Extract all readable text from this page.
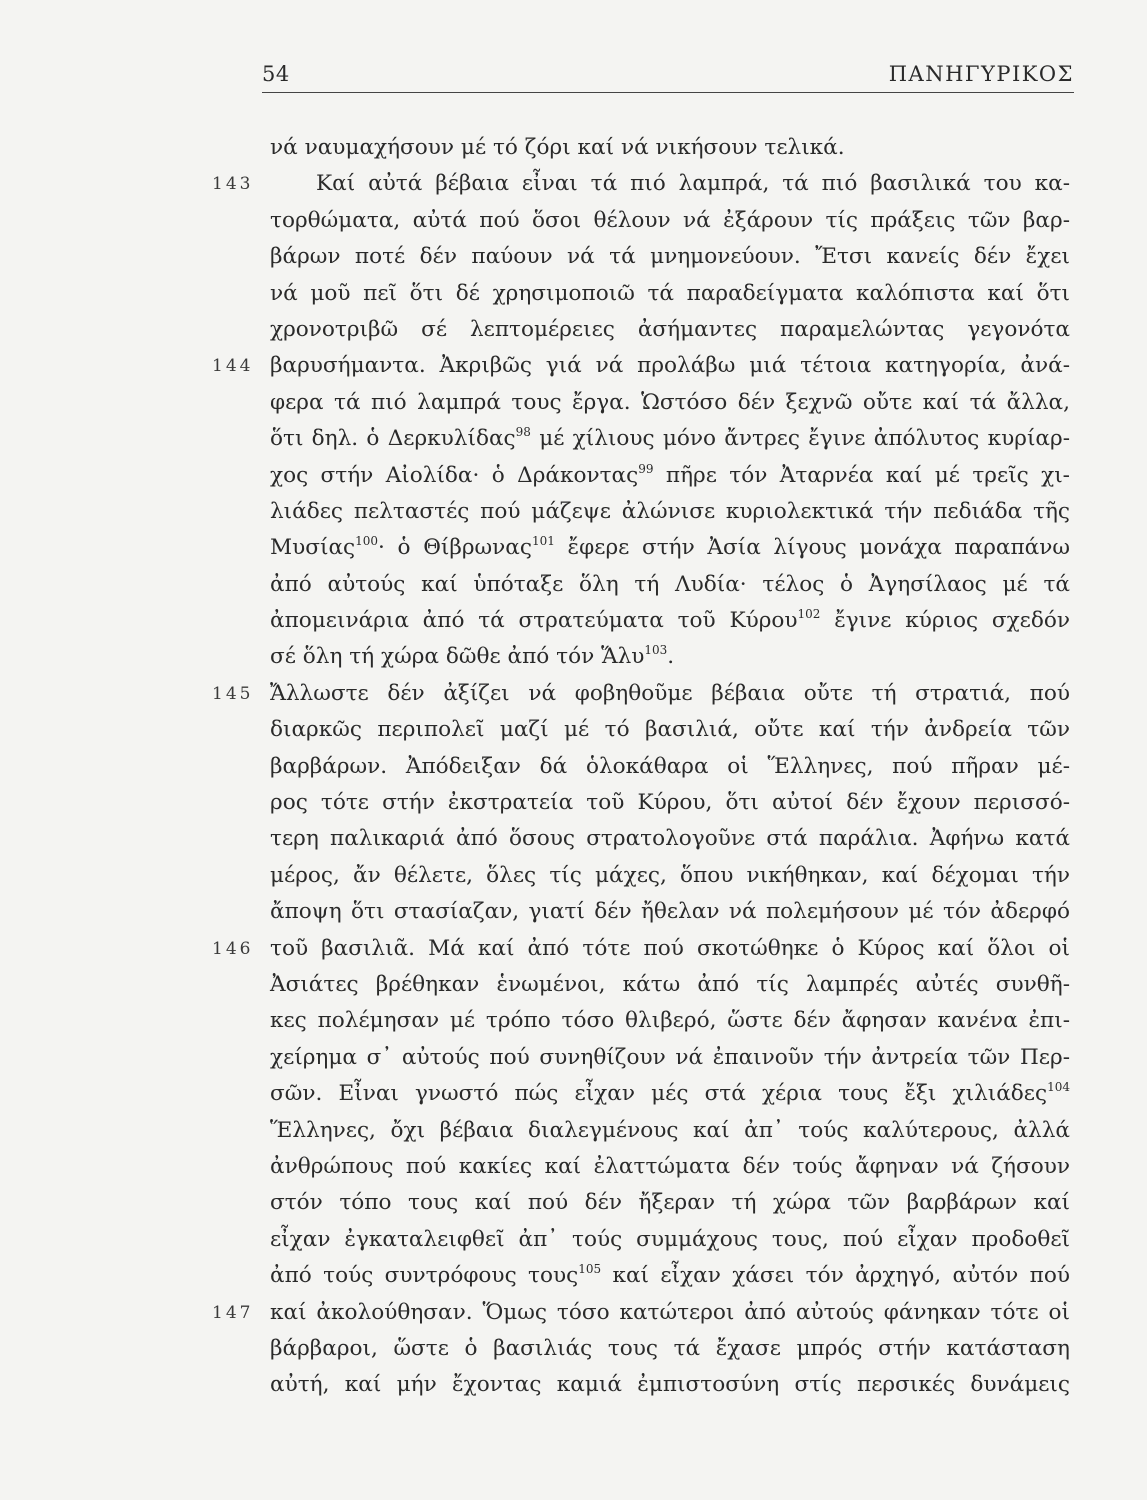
54	ΠΑΝΗΓΥΡΙΚΟΣ
νά ναυμαχήσουν μέ τό ζόρι καί νά νικήσουν τελικά.
143	Καί αὐτά βέβαια εἶναι τά πιό λαμπρά, τά πιό βασιλικά του κα-
τορθώματα, αὐτά πού ὅσοι θέλουν νά ἐξάρουν τίς πράξεις τῶν βαρ-
βάρων ποτέ δέν παύουν νά τά μνημονεύουν. Ἔτσι κανείς δέν ἔχει
νά μοῦ πεῖ ὅτι δέ χρησιμοποιῶ τά παραδείγματα καλόπιστα καί ὅτι
χρονοτριβῶ σέ λεπτομέρειες ἀσήμαντες παραμελώντας γεγονότα
144 βαρυσήμαντα. Ἀκριβῶς γιά νά προλάβω μιά τέτοια κατηγορία, ἀνά-
φερα τά πιό λαμπρά τους ἔργα. Ὡστόσο δέν ξεχνῶ οὔτε καί τά ἄλλα,
ὅτι δηλ. ὁ Δερκυλίδας$^{98}$ μέ χίλιους μόνο ἄντρες ἔγινε ἀπόλυτος κυρίαρ-
χος στήν Αἰολίδα· ὁ Δράκοντας$^{99}$ πῆρε τόν Ἀταρνέα καί μέ τρεῖς χι-
λιάδες πελταστές πού μάζεψε ἀλώνισε κυριολεκτικά τήν πεδιάδα τῆς
Μυσίας$^{100}$· ὁ Θίβρωνας$^{101}$ ἔφερε στήν Ἀσία λίγους μονάχα παραπάνω
ἀπό αὐτούς καί ὑπόταξε ὅλη τή Λυδία· τέλος ὁ Ἀγησίλαος μέ τά
ἀπομεινάρια ἀπό τά στρατεύματα τοῦ Κύρου$^{102}$ ἔγινε κύριος σχεδόν
σέ ὅλη τή χώρα δῶθε ἀπό τόν Ἅλυ$^{103}$.
145 Ἄλλωστε δέν ἀξίζει νά φοβηθοῦμε βέβαια οὔτε τή στρατιά, πού
διαρκῶς περιπολεῖ μαζί μέ τό βασιλιά, οὔτε καί τήν ἀνδρεία τῶν
βαρβάρων. Ἀπόδειξαν δά ὁλοκάθαρα οἱ Ἕλληνες, πού πῆραν μέ-
ρος τότε στήν ἐκστρατεία τοῦ Κύρου, ὅτι αὐτοί δέν ἔχουν περισσό-
τερη παλικαριά ἀπό ὅσους στρατολογοῦνε στά παράλια. Ἀφήνω κατά
μέρος, ἄν θέλετε, ὅλες τίς μάχες, ὅπου νικήθηκαν, καί δέχομαι τήν
ἄποψη ὅτι στασίαζαν, γιατί δέν ἤθελαν νά πολεμήσουν μέ τόν ἀδερφό
146 τοῦ βασιλιᾶ. Μά καί ἀπό τότε πού σκοτώθηκε ὁ Κύρος καί ὅλοι οἱ
Ἀσιάτες βρέθηκαν ἑνωμένοι, κάτω ἀπό τίς λαμπρές αὐτές συνθῆ-
κες πολέμησαν μέ τρόπο τόσο θλιβερό, ὥστε δέν ἄφησαν κανένα ἐπι-
χείρημα σ᾽ αὐτούς πού συνηθίζουν νά ἐπαινοῦν τήν ἀντρεία τῶν Περ-
σῶν. Εἶναι γνωστό πώς εἶχαν μές στά χέρια τους ἔξι χιλιάδες$^{104}$
Ἕλληνες, ὄχι βέβαια διαλεγμένους καί ἀπ᾽ τούς καλύτερους, ἀλλά
ἀνθρώπους πού κακίες καί ἐλαττώματα δέν τούς ἄφηναν νά ζήσουν
στόν τόπο τους καί πού δέν ἤξεραν τή χώρα τῶν βαρβάρων καί
εἶχαν ἐγκαταλειφθεῖ ἀπ᾽ τούς συμμάχους τους, πού εἶχαν προδοθεῖ
ἀπό τούς συντρόφους τους$^{105}$ καί εἶχαν χάσει τόν ἀρχηγό, αὐτόν πού
147 καί ἀκολούθησαν. Ὅμως τόσο κατώτεροι ἀπό αὐτούς φάνηκαν τότε οἱ
βάρβαροι, ὥστε ὁ βασιλιάς τους τά ἔχασε μπρός στήν κατάσταση
αὐτή, καί μήν ἔχοντας καμιά ἐμπιστοσύνη στίς περσικές δυνάμεις
